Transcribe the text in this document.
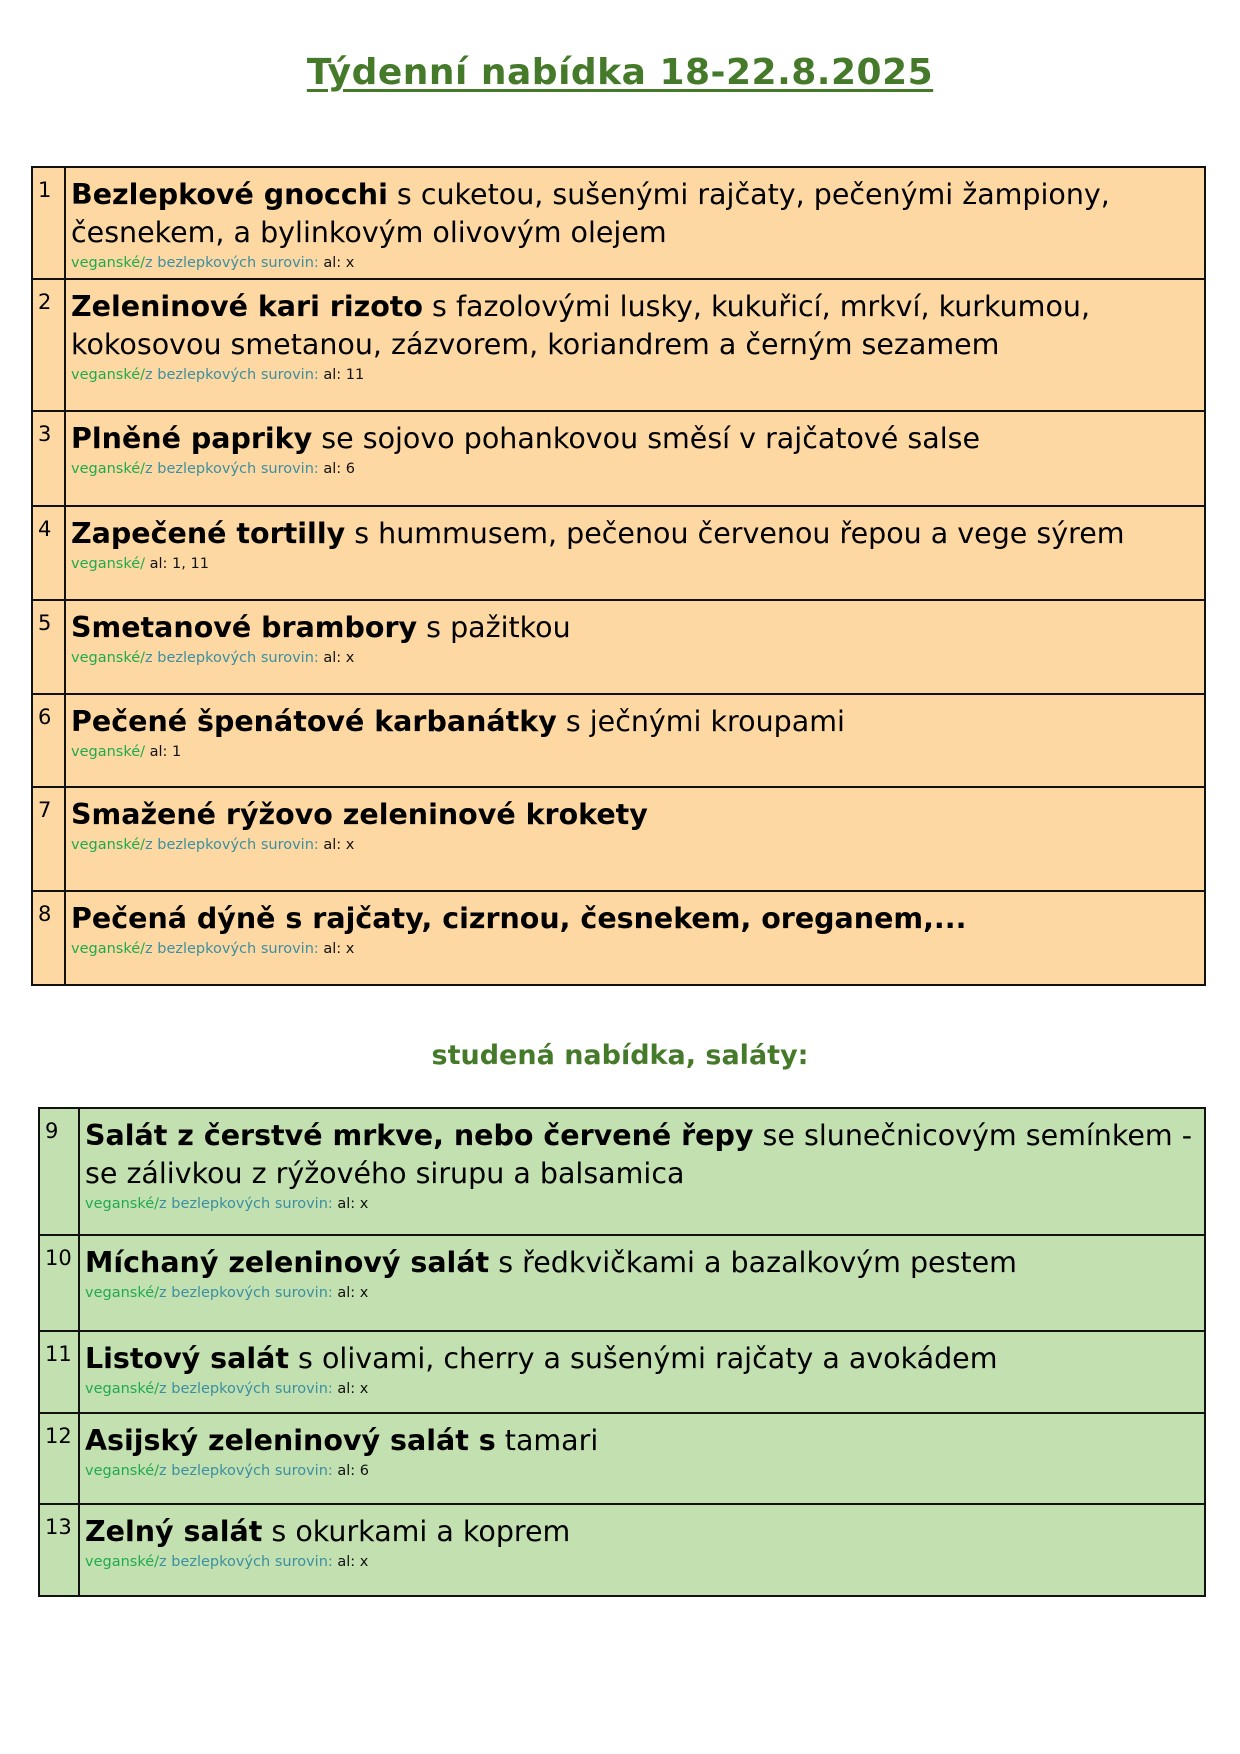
Týdenní nabídka 18-22.8.2025
1	Bezlepkové gnocchi s cuketou, sušenými rajčaty, pečenými žampiony, česnekem, a bylinkovým olivovým olejem
veganské/z bezlepkových surovin: al: x

2	Zeleninové kari rizoto s fazolovými lusky, kukuřicí, mrkví, kurkumou, kokosovou smetanou, zázvorem, koriandrem a černým sezamem
veganské/z bezlepkových surovin: al: 11

3	Plněné papriky se sojovo pohankovou směsí v rajčatové salse
veganské/z bezlepkových surovin: al: 6

4	Zapečené tortilly s hummusem, pečenou červenou řepou a vege sýrem
veganské/ al: 1, 11

5	Smetanové brambory s pažitkou
veganské/z bezlepkových surovin: al: x

6	Pečené špenátové karbanátky s ječnými kroupami
veganské/ al: 1

7	Smažené rýžovo zeleninové krokety
veganské/z bezlepkových surovin: al: x

8	Pečená dýně s rajčaty, cizrnou, česnekem, oreganem,...
veganské/z bezlepkových surovin: al: x
studená nabídka, saláty:
9	Salát z čerstvé mrkve, nebo červené řepy se slunečnicovým semínkem - se zálivkou z rýžového sirupu a balsamica
veganské/z bezlepkových surovin: al: x

10	Míchaný zeleninový salát s ředkvičkami a bazalkovým pestem
veganské/z bezlepkových surovin: al: x

11	Listový salát s olivami, cherry a sušenými rajčaty a avokádem
veganské/z bezlepkových surovin: al: x

12	Asijský zeleninový salát s tamari
veganské/z bezlepkových surovin: al: 6

13	Zelný salát s okurkami a koprem
veganské/z bezlepkových surovin: al: x
